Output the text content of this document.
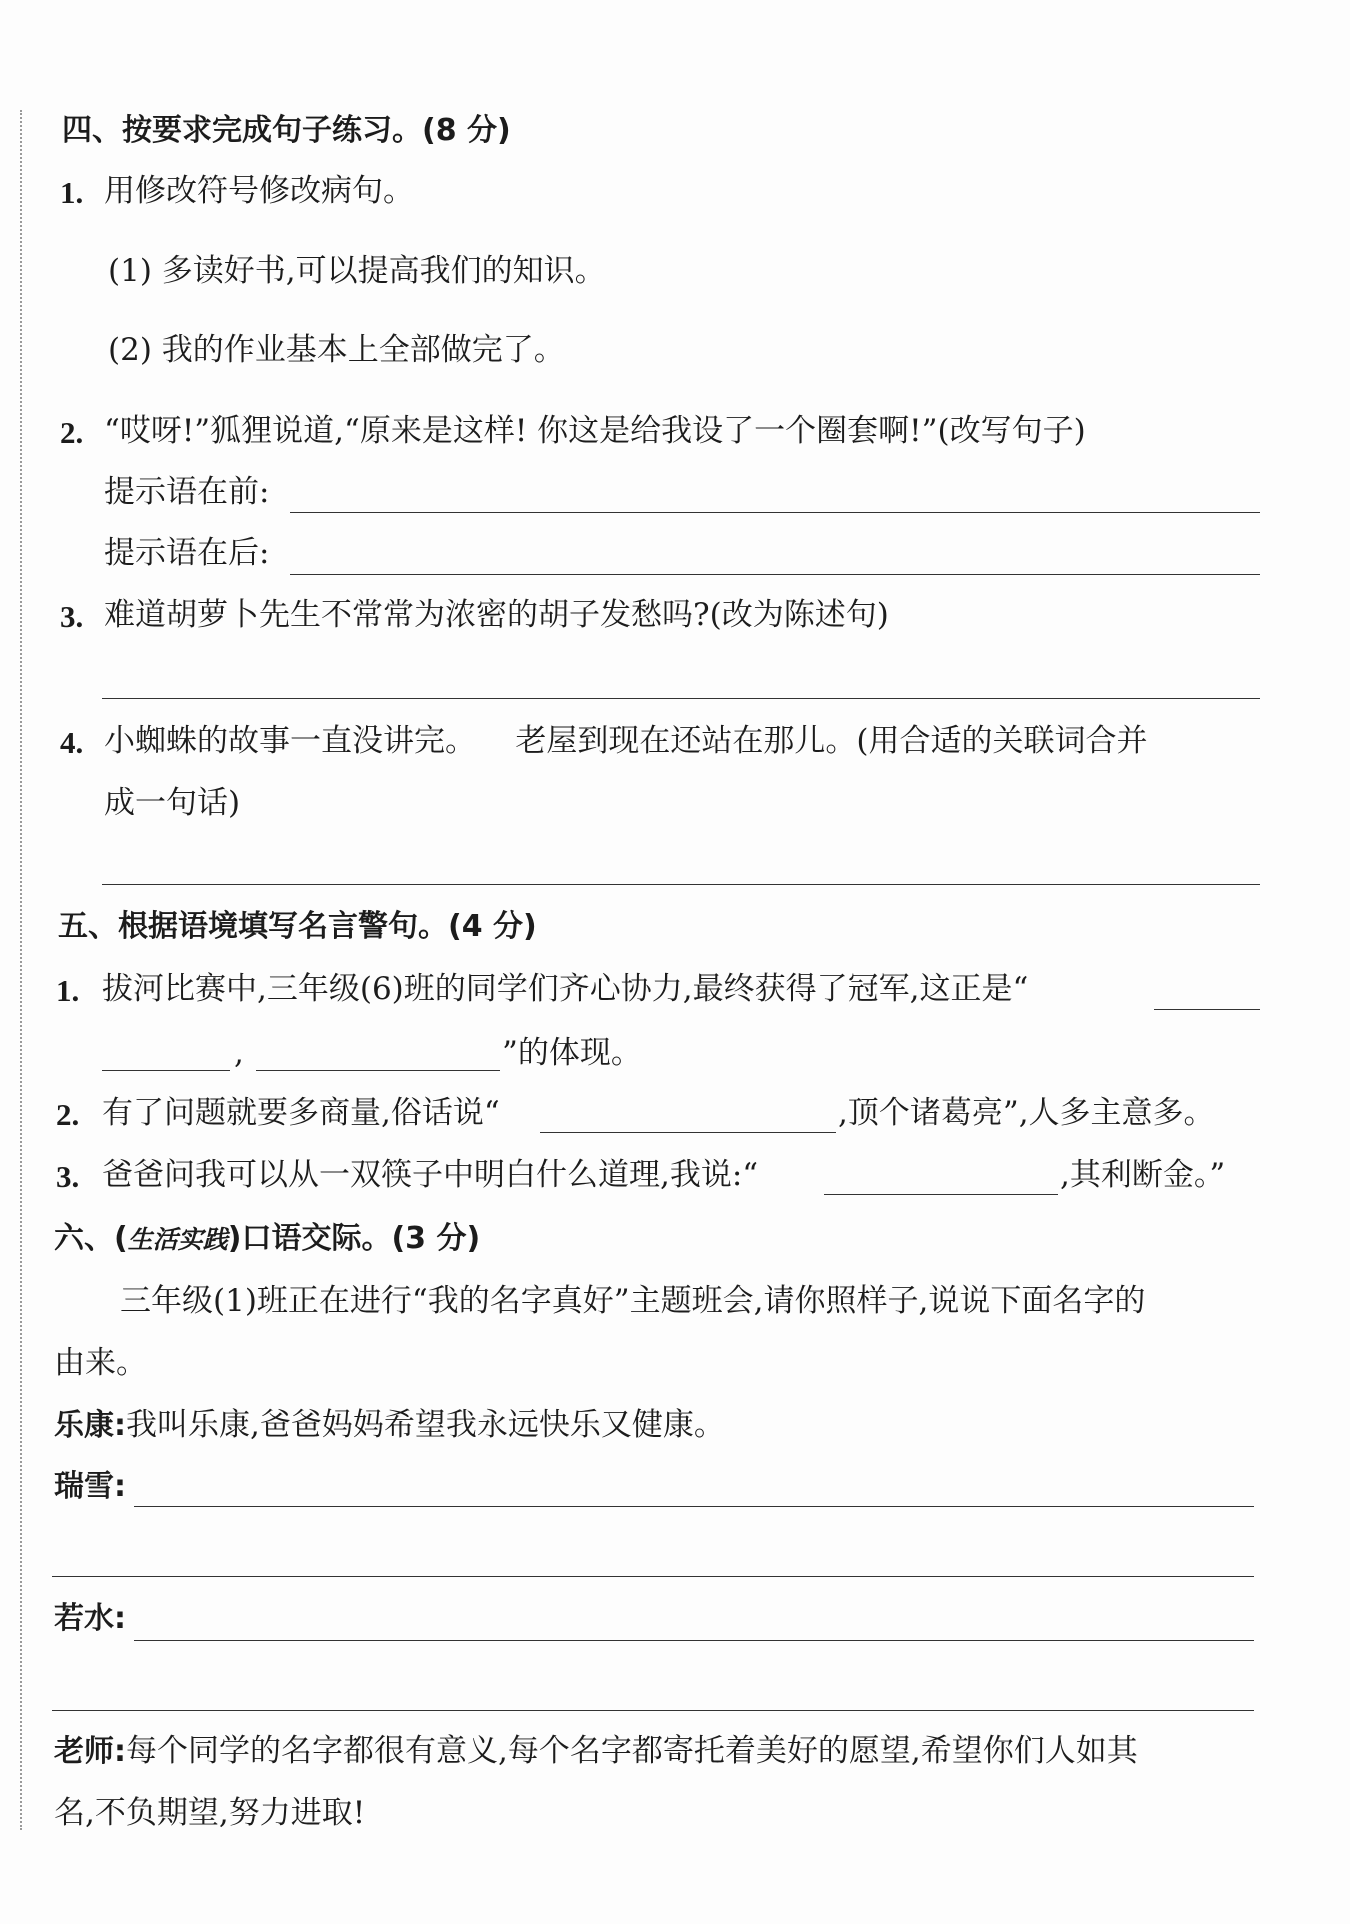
四、按要求完成句子练习。(8 分)
1. 用修改符号修改病句。
(1) 多读好书,可以提高我们的知识。
(2) 我的作业基本上全部做完了。
2. “哎呀!”狐狸说道,“原来是这样! 你这是给我设了一个圈套啊!”(改写句子)
提示语在前:
提示语在后:
3. 难道胡萝卜先生不常常为浓密的胡子发愁吗?(改为陈述句)
4. 小蜘蛛的故事一直没讲完。    老屋到现在还站在那儿。(用合适的关联词合并
成一句话)
五、根据语境填写名言警句。(4 分)
1. 拔河比赛中,三年级(6)班的同学们齐心协力,最终获得了冠军,这正是“
,	”的体现。
2. 有了问题就要多商量,俗话说“	,顶个诸葛亮”,人多主意多。
3. 爸爸问我可以从一双筷子中明白什么道理,我说:“	,其利断金。”
六、(生活实践)口语交际。(3 分)
三年级(1)班正在进行“我的名字真好”主题班会,请你照样子,说说下面名字的
由来。
乐康:我叫乐康,爸爸妈妈希望我永远快乐又健康。
瑞雪:
若水:
老师:每个同学的名字都很有意义,每个名字都寄托着美好的愿望,希望你们人如其
名,不负期望,努力进取!
